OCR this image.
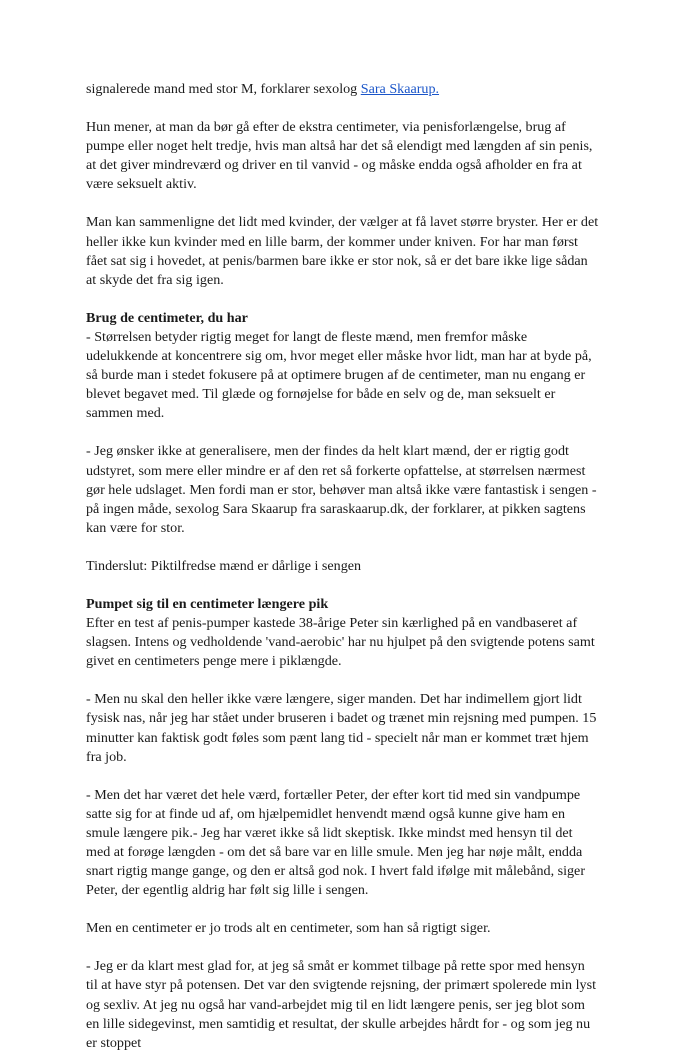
signalerede mand med stor M, forklarer sexolog Sara Skaarup.

Hun mener, at man da bør gå efter de ekstra centimeter, via penisforlængelse, brug af pumpe eller noget helt tredje, hvis man altså har det så elendigt med længden af sin penis, at det giver mindreværd og driver en til vanvid - og måske endda også afholder en fra at være seksuelt aktiv.

Man kan sammenligne det lidt med kvinder, der vælger at få lavet større bryster. Her er det heller ikke kun kvinder med en lille barm, der kommer under kniven. For har man først fået sat sig i hovedet, at penis/barmen bare ikke er stor nok, så er det bare ikke lige sådan at skyde det fra sig igen.

Brug de centimeter, du har

- Størrelsen betyder rigtig meget for langt de fleste mænd, men fremfor måske udelukkende at koncentrere sig om, hvor meget eller måske hvor lidt, man har at byde på, så burde man i stedet fokusere på at optimere brugen af de centimeter, man nu engang er blevet begavet med. Til glæde og fornøjelse for både en selv og de, man seksuelt er sammen med.

- Jeg ønsker ikke at generalisere, men der findes da helt klart mænd, der er rigtig godt udstyret, som mere eller mindre er af den ret så forkerte opfattelse, at størrelsen nærmest gør hele udslaget. Men fordi man er stor, behøver man altså ikke være fantastisk i sengen - på ingen måde, sexolog Sara Skaarup fra saraskaarup.dk, der forklarer, at pikken sagtens kan være for stor.

Tinderslut: Piktilfredse mænd er dårlige i sengen

Pumpet sig til en centimeter længere pik

Efter en test af penis-pumper kastede 38-årige Peter sin kærlighed på en vandbaseret af slagsen. Intens og vedholdende 'vand-aerobic' har nu hjulpet på den svigtende potens samt givet en centimeters penge mere i piklængde.

- Men nu skal den heller ikke være længere, siger manden. Det har indimellem gjort lidt fysisk nas, når jeg har stået under bruseren i badet og trænet min rejsning med pumpen. 15 minutter kan faktisk godt føles som pænt lang tid - specielt når man er kommet træt hjem fra job.

- Men det har været det hele værd, fortæller Peter, der efter kort tid med sin vandpumpe satte sig for at finde ud af, om hjælpemidlet henvendt mænd også kunne give ham en smule længere pik.- Jeg har været ikke så lidt skeptisk. Ikke mindst med hensyn til det med at forøge længden - om det så bare var en lille smule. Men jeg har nøje målt, endda snart rigtig mange gange, og den er altså god nok. I hvert fald ifølge mit målebånd, siger Peter, der egentlig aldrig har følt sig lille i sengen.

Men en centimeter er jo trods alt en centimeter, som han så rigtigt siger.

- Jeg er da klart mest glad for, at jeg så småt er kommet tilbage på rette spor med hensyn til at have styr på potensen. Det var den svigtende rejsning, der primært spolerede min lyst og sexliv. At jeg nu også har vand-arbejdet mig til en lidt længere penis, ser jeg blot som en lille sidegevinst, men samtidig et resultat, der skulle arbejdes hårdt for - og som jeg nu er stoppet
